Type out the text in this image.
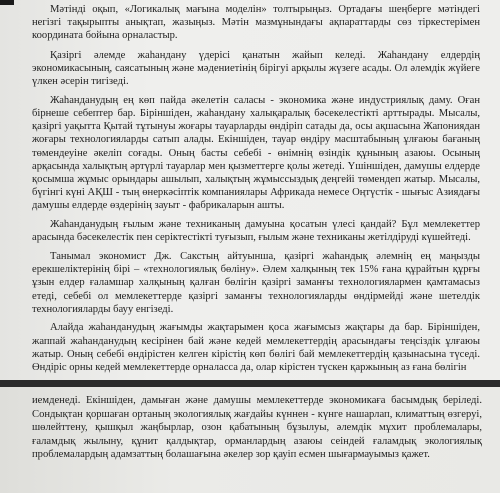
Мәтінді оқып, «Логикалық мағына моделін» толтырыңыз. Ортадағы шеңберге мәтіндегі негізгі тақырыпты анықтап, жазыңыз. Мәтін мазмұнындағы ақпараттарды сөз тіркестерімен координата бойына орналастыр.

Қазіргі әлемде жаһандану үдерісі қанатын жайып келеді. Жаһандану елдердің экономикасының, саясатының және мәдениетінің бірігуі арқылы жүзеге асады. Ол әлемдік жүйеге үлкен әсерін тигізеді.

Жаһанданудың ең көп пайда әкелетін саласы - экономика және индустриялық даму. Оған бірнеше себептер бар. Біріншіден, жаһандану халықаралық бәсекелестікті арттырады. Мысалы, қазіргі уақытта Қытай тұтынуы жоғары тауарларды өндіріп сатады да, осы ақшасына Жапониядан жоғары технологияларды сатып алады. Екіншіден, тауар өндіру масштабының ұлғаюы бағаның төмендеуіне әкеліп соғады. Оның басты себебі - өнімнің өзіндік құнының азаюы. Осының арқасында халықтың әртүрлі тауарлар мен қызметтерге қолы жетеді. Үшіншіден, дамушы елдерде қосымша жұмыс орындары ашылып, халықтың жұмыссыздық деңгейі төмендеп жатыр. Мысалы, бүгінгі күні АҚШ - тың өнеркәсіптік компаниялары Африкада немесе Оңтүстік - шығыс Азиядағы дамушы елдерде өздерінің зауыт - фабрикаларын ашты.

Жаһанданудың ғылым және техниканың дамуына қосатын үлесі қандай? Бұл мемлекеттер арасында бәсекелестік пен серіктестікті туғызып, ғылым және техниканы жетілдіруді күшейтеді.

Танымал экономист Дж. Сакстың айтуынша, қазіргі жаһандық әлемнің ең маңызды ерекшеліктерінің бірі – «технологиялық бөліну». Әлем халқының тек 15% ғана құрайтын құрғы ұзын елдер ғаламшар халқының қалған бөлігін қазіргі заманғы технологиялармен қамтамасыз етеді, себебі ол мемлекеттерде қазіргі заманғы технологияларды өндірмейді және шетелдік технологияларды бауу енгізеді.

Алайда жаһанданудың жағымды жақтарымен қоса жағымсыз жақтары да бар. Біріншіден, жаппай жаһанданудың кесірінен бай және кедей мемлекеттердің арасындағы теңсіздік ұлғаюы жатыр. Оның себебі өндірістен келген кірістің көп бөлігі бай мемлекеттердің қазынасына түседі. Өндіріс орны кедей мемлекеттерде орналасса да, олар кірістен түскен қаржының аз ғана бөлігін

иемденеді. Екіншіден, дамыған және дамушы мемлекеттерде экономикаға басымдық беріледі. Сондықтан қоршаған ортаның экологиялық жағдайы күннен - күнге нашарлап, климаттың өзгеруі, шөлейттену, қышқыл жаңбырлар, озон қабатының бұзылуы, әлемдік мұхит проблемалары, ғаламдық жылыну, құнит қалдықтар, орманлардың азаюы сеіндей ғаламдық экологиялық проблемалардың адамзаттың болашағына әкелер зор қауіп есмен шығармауымыз қажет.
